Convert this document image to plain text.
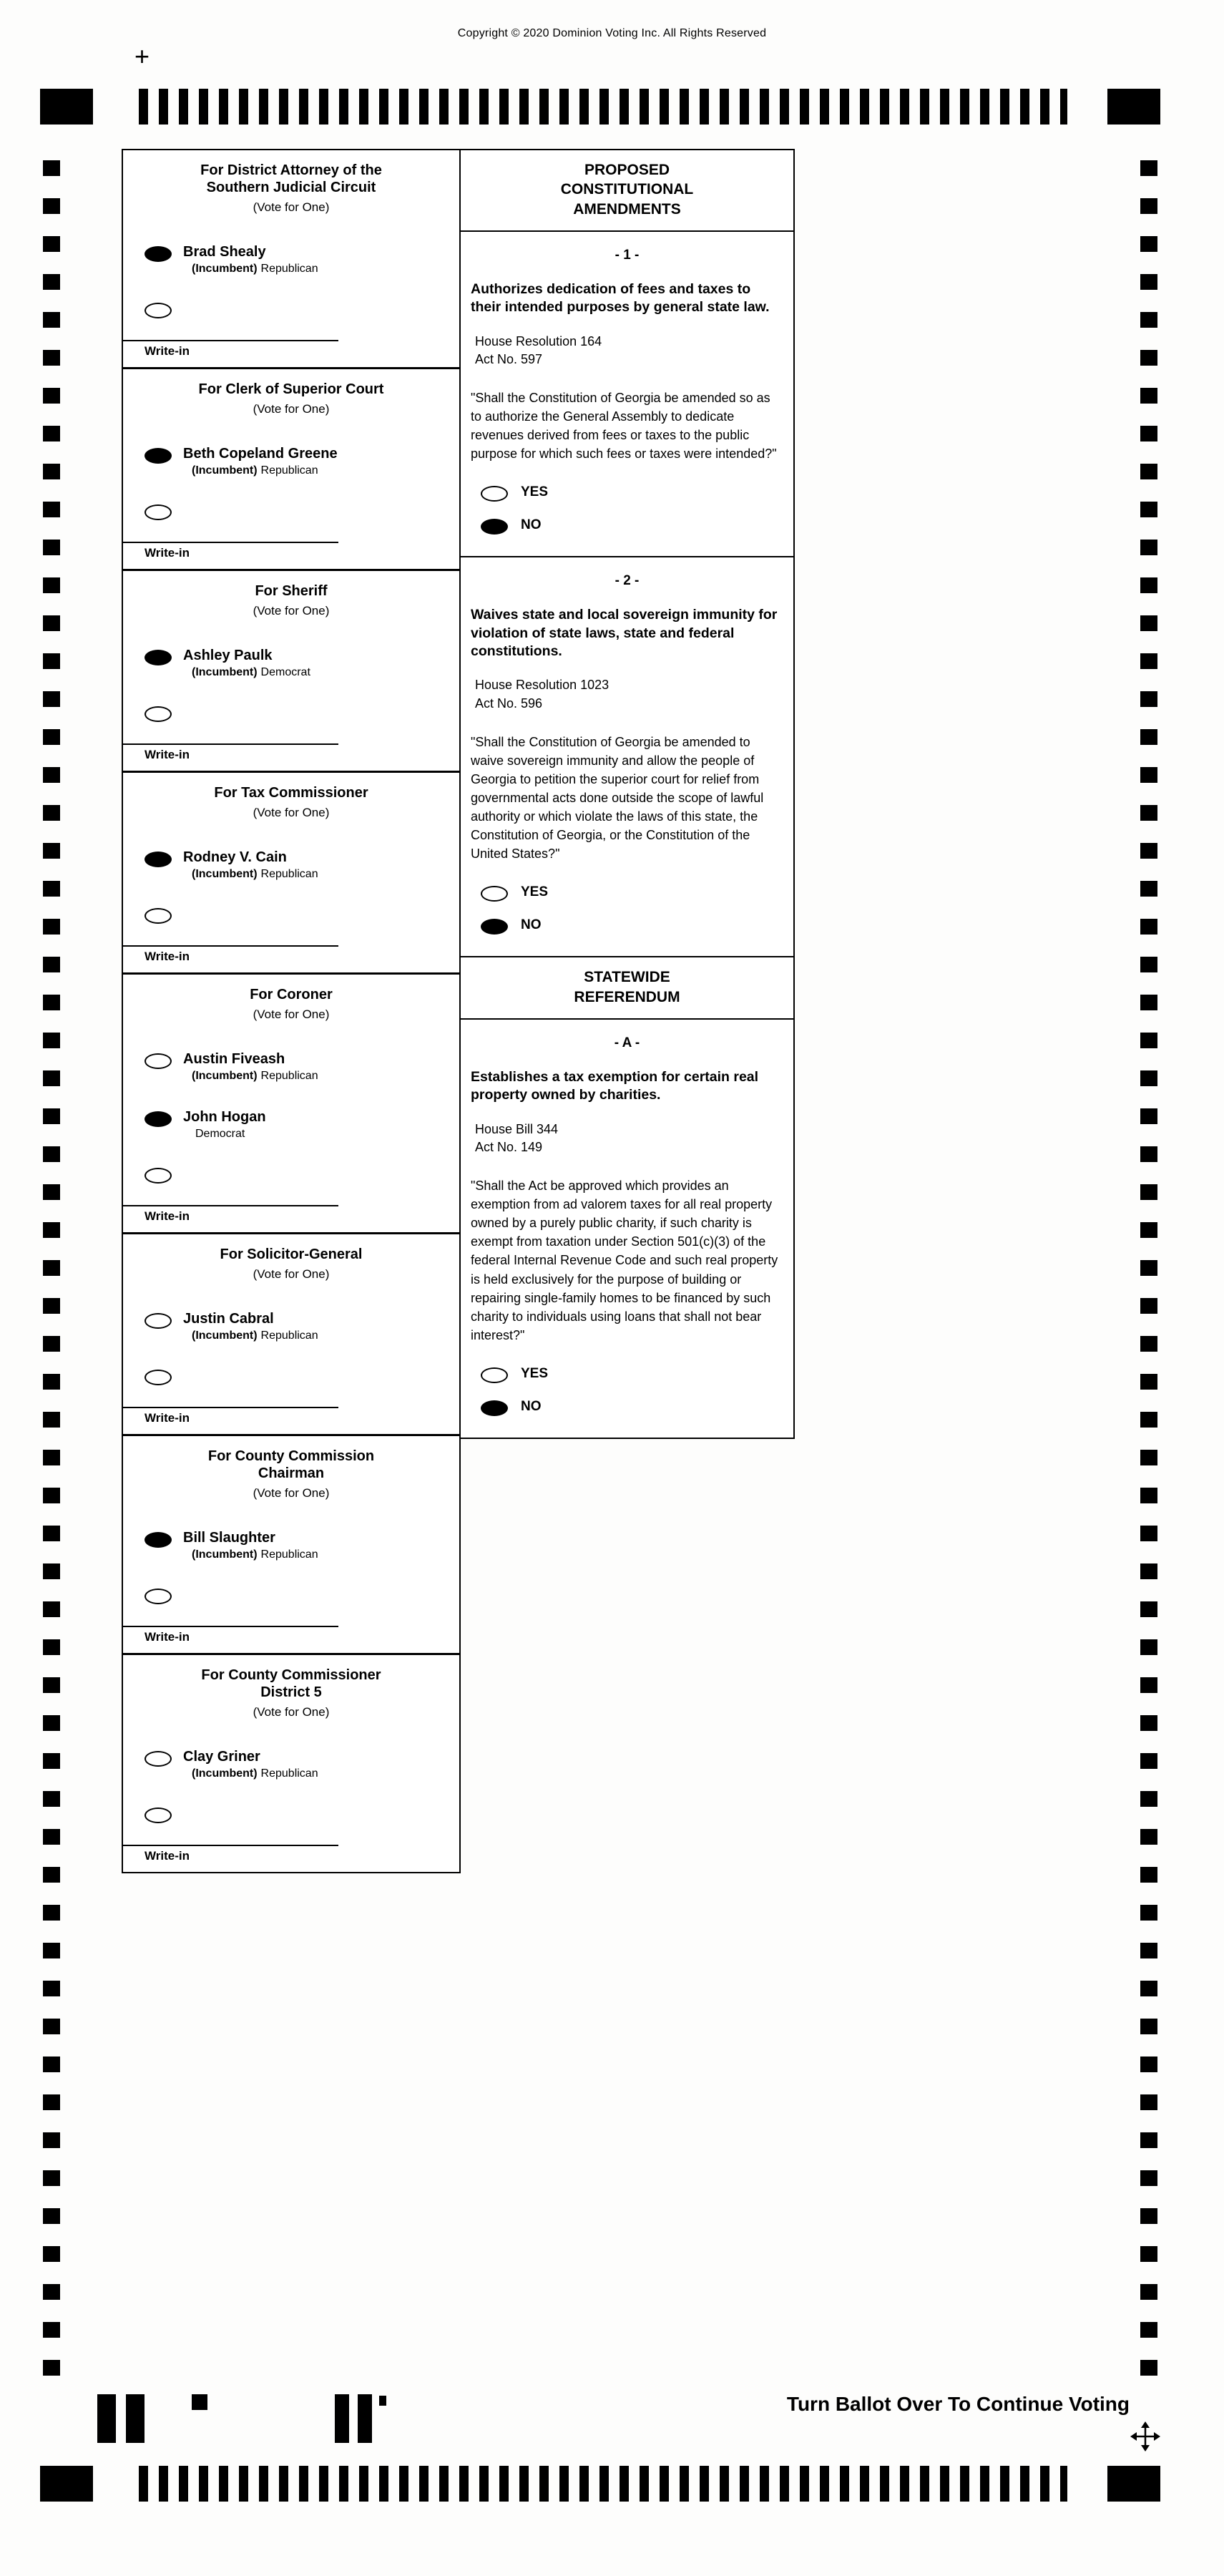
Copyright © 2020 Dominion Voting Inc. All Rights Reserved
+
For District Attorney of the Southern Judicial Circuit
(Vote for One)
Brad Shealy
(Incumbent) Republican
Write-in
For Clerk of Superior Court
(Vote for One)
Beth Copeland Greene
(Incumbent) Republican
Write-in
For Sheriff
(Vote for One)
Ashley Paulk
(Incumbent) Democrat
Write-in
For Tax Commissioner
(Vote for One)
Rodney V. Cain
(Incumbent) Republican
Write-in
For Coroner
(Vote for One)
Austin Fiveash
(Incumbent) Republican
John Hogan
Democrat
Write-in
For Solicitor-General
(Vote for One)
Justin Cabral
(Incumbent) Republican
Write-in
For County Commission Chairman
(Vote for One)
Bill Slaughter
(Incumbent) Republican
Write-in
For County Commissioner District 5
(Vote for One)
Clay Griner
(Incumbent) Republican
Write-in
PROPOSED CONSTITUTIONAL AMENDMENTS
- 1 -
Authorizes dedication of fees and taxes to their intended purposes by general state law.
House Resolution 164
Act No. 597
"Shall the Constitution of Georgia be amended so as to authorize the General Assembly to dedicate revenues derived from fees or taxes to the public purpose for which such fees or taxes were intended?"
YES
NO
- 2 -
Waives state and local sovereign immunity for violation of state laws, state and federal constitutions.
House Resolution 1023
Act No. 596
"Shall the Constitution of Georgia be amended to waive sovereign immunity and allow the people of Georgia to petition the superior court for relief from governmental acts done outside the scope of lawful authority or which violate the laws of this state, the Constitution of Georgia, or the Constitution of the United States?"
YES
NO
STATEWIDE REFERENDUM
- A -
Establishes a tax exemption for certain real property owned by charities.
House Bill 344
Act No. 149
"Shall the Act be approved which provides an exemption from ad valorem taxes for all real property owned by a purely public charity, if such charity is exempt from taxation under Section 501(c)(3) of the federal Internal Revenue Code and such real property is held exclusively for the purpose of building or repairing single-family homes to be financed by such charity to individuals using loans that shall not bear interest?"
YES
NO
Turn Ballot Over To Continue Voting
